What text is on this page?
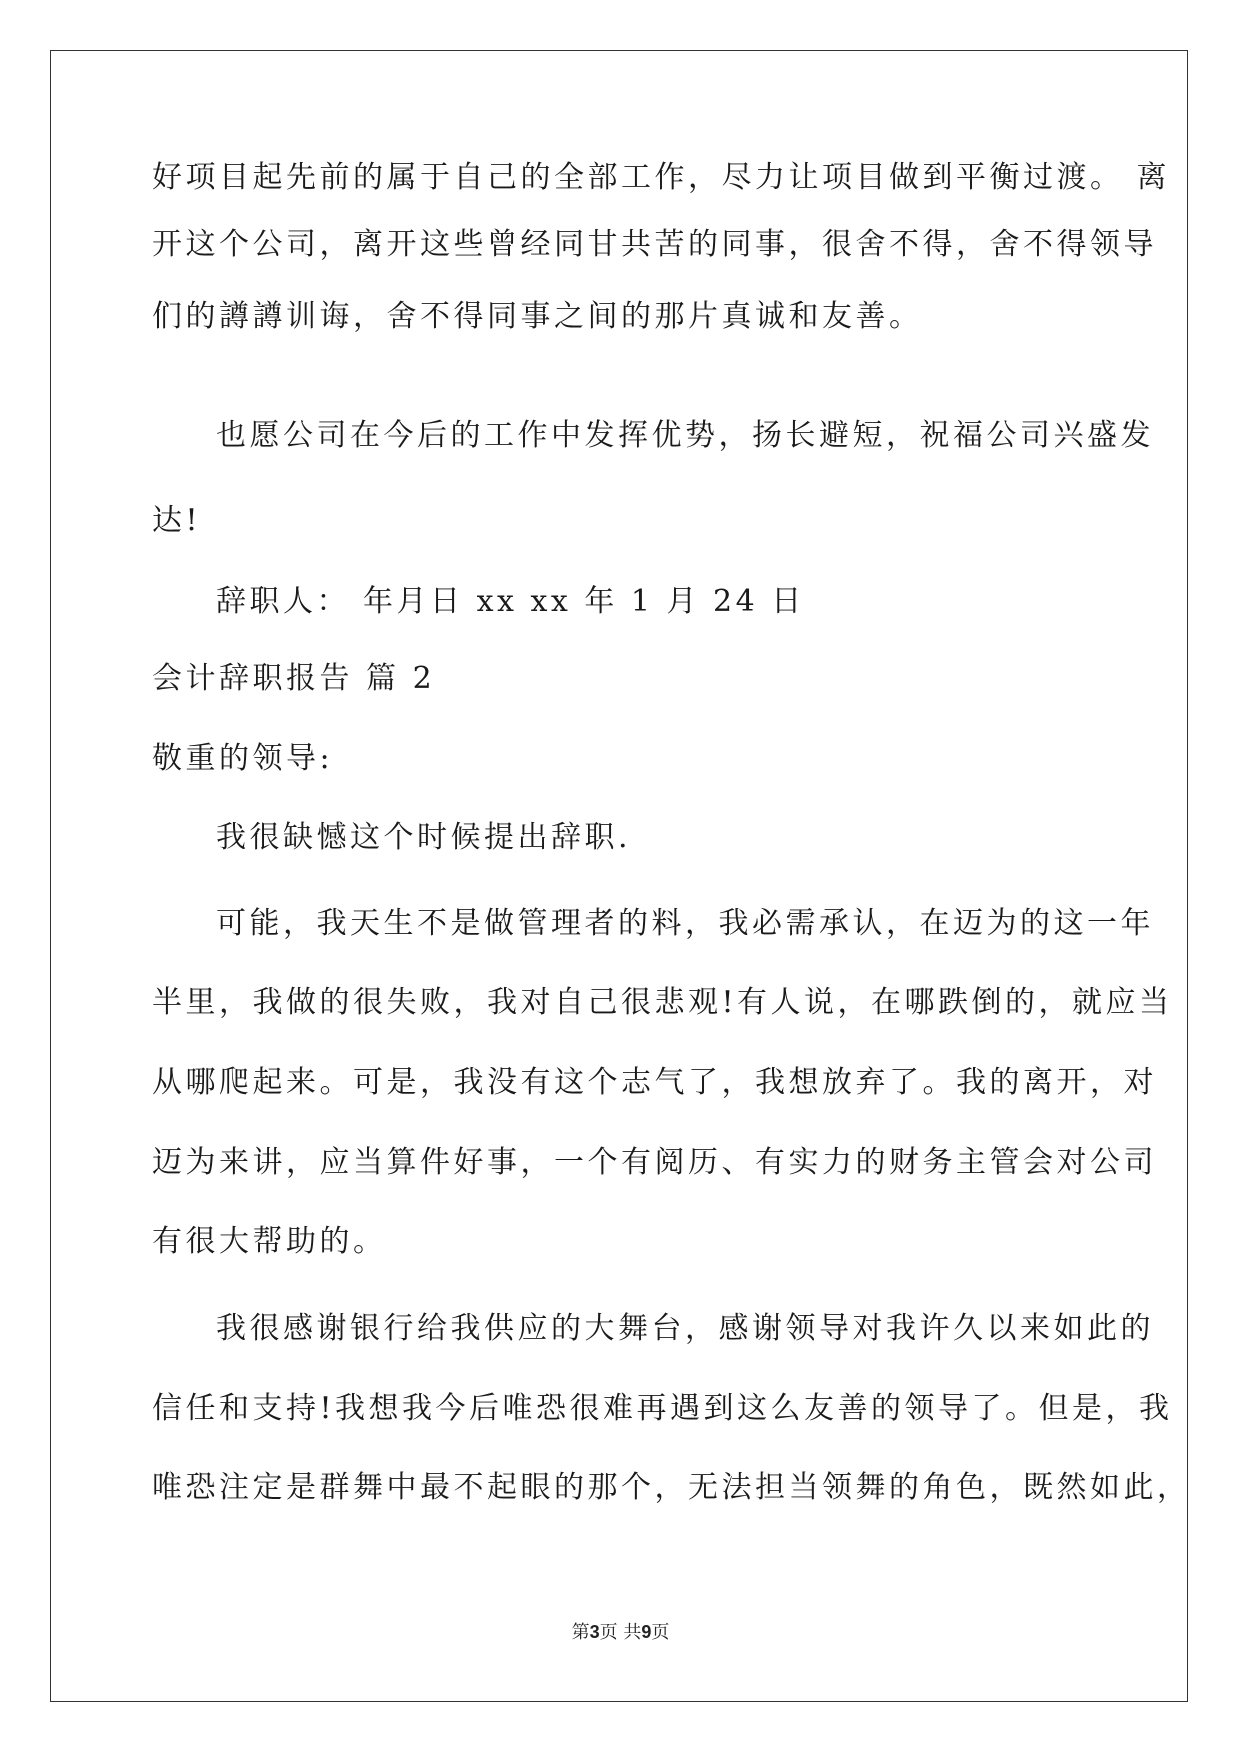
好项目起先前的属于自己的全部工作，尽力让项目做到平衡过渡。 离
开这个公司，离开这些曾经同甘共苦的同事，很舍不得，舍不得领导
们的譐譐训诲，舍不得同事之间的那片真诚和友善。
也愿公司在今后的工作中发挥优势，扬长避短，祝福公司兴盛发
达!
辞职人： 年月日 xx xx 年 1 月 24 日
会计辞职报告 篇 2
敬重的领导:
我很缺憾这个时候提出辞职.
可能，我天生不是做管理者的料，我必需承认，在迈为的这一年
半里，我做的很失败，我对自己很悲观!有人说，在哪跌倒的，就应当
从哪爬起来。可是，我没有这个志气了，我想放弃了。我的离开，对
迈为来讲，应当算件好事，一个有阅历、有实力的财务主管会对公司
有很大帮助的。
我很感谢银行给我供应的大舞台，感谢领导对我许久以来如此的
信任和支持!我想我今后唯恐很难再遇到这么友善的领导了。但是，我
唯恐注定是群舞中最不起眼的那个，无法担当领舞的角色，既然如此，
第3页 共9页
